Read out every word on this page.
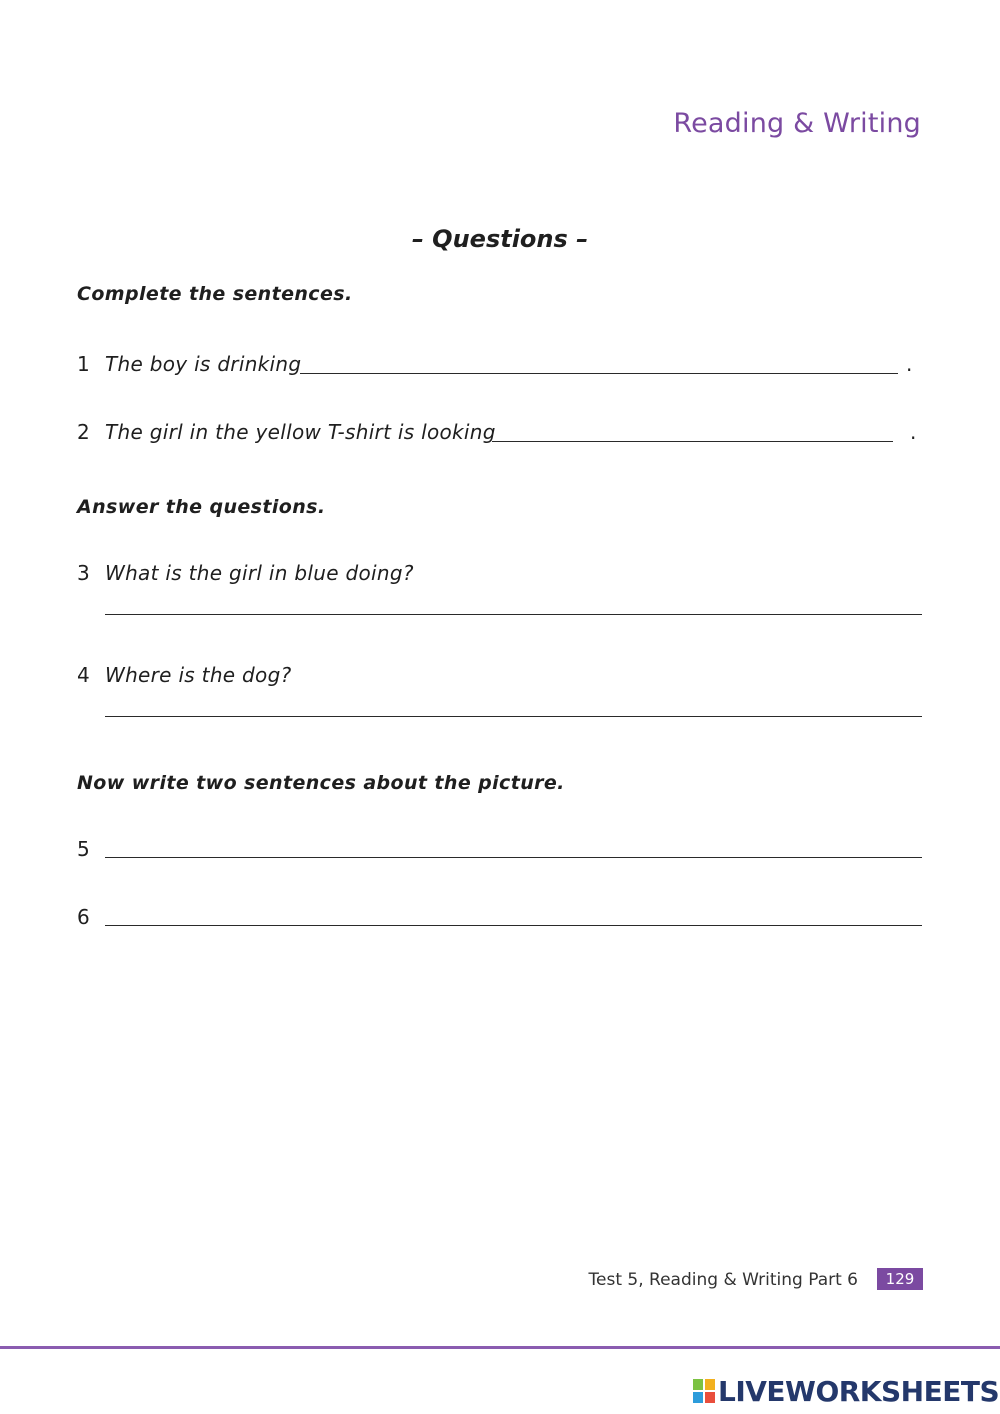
Reading & Writing
– Questions –
Complete the sentences.
1 The boy is drinking	.
2 The girl in the yellow T-shirt is looking	.
Answer the questions.
3 What is the girl in blue doing?
4 Where is the dog?
Now write two sentences about the picture.
5
6
Test 5, Reading & Writing Part 6	129
LIVEWORKSHEETS
